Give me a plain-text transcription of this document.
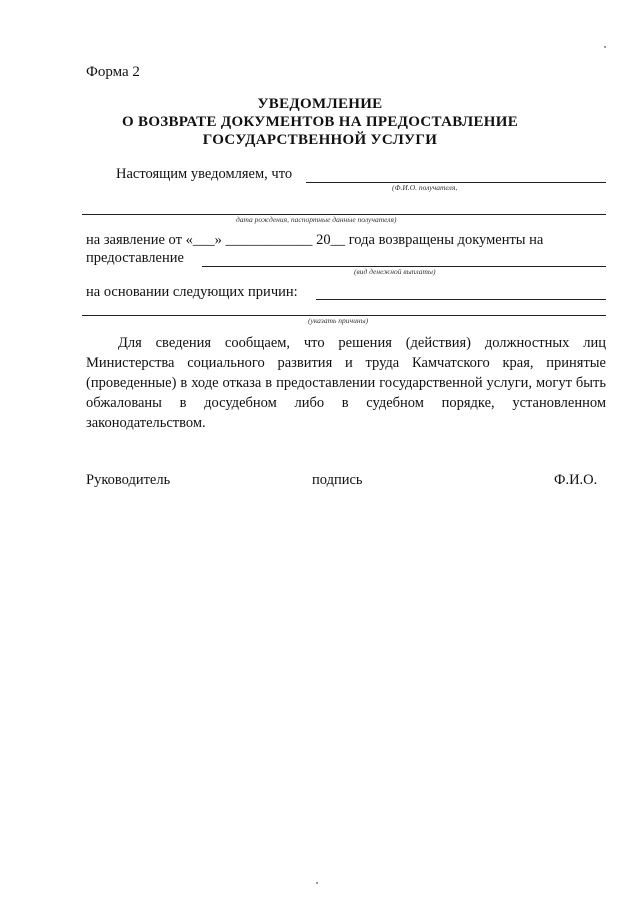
Форма 2
УВЕДОМЛЕНИЕ
О ВОЗВРАТЕ ДОКУМЕНТОВ НА ПРЕДОСТАВЛЕНИЕ
ГОСУДАРСТВЕННОЙ УСЛУГИ
Настоящим уведомляем, что
(Ф.И.О. получателя,
дата рождения, паспортные данные получателя)
на заявление от «___» ____________ 20__ года возвращены документы на
предоставление
(вид денежной выплаты)
на основании следующих причин:
(указать причины)
Для сведения сообщаем, что решения (действия) должностных лиц Министерства социального развития и труда Камчатского края, принятые (проведенные) в ходе отказа в предоставлении государственной услуги, могут быть обжалованы в досудебном либо в судебном порядке, установленном законодательством.
Руководитель	подпись	Ф.И.О.
